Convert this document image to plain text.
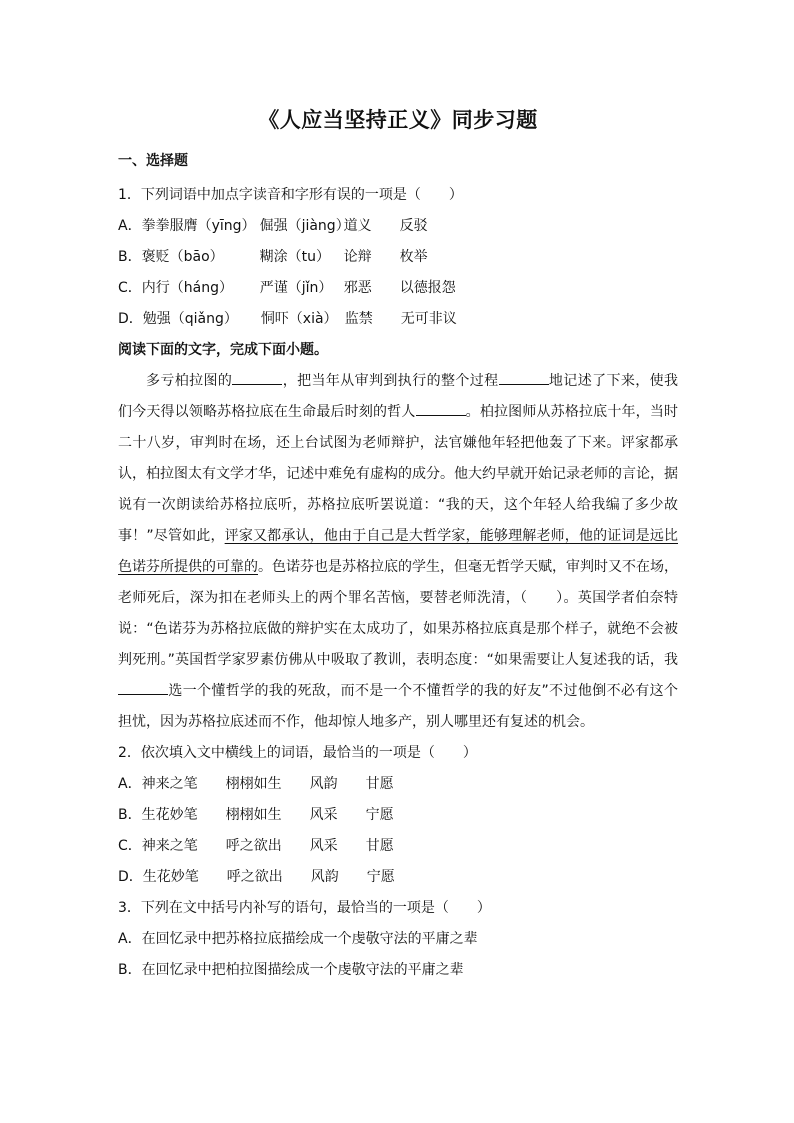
《人应当坚持正义》同步习题
一、选择题
1．下列词语中加点字读音和字形有误的一项是（　　）
A．拳拳服膺（yīng） 倔强（jiàng）道义 反驳
B．褒贬（bāo）	糊涂（tu） 论辩 枚举
C．内行（háng） 严谨（jǐn） 邪恶 以德报怨
D．勉强（qiǎng） 恫吓（xià） 监禁 无可非议
阅读下面的文字，完成下面小题。

多亏柏拉图的	，把当年从审判到执行的整个过程	地记述了下来，使我们今天得以领略苏格拉底在生命最后时刻的哲人	。柏拉图师从苏格拉底十年，当时二十八岁，审判时在场，还上台试图为老师辩护，法官嫌他年轻把他轰了下来。评家都承认，柏拉图太有文学才华，记述中难免有虚构的成分。他大约早就开始记录老师的言论，据说有一次朗读给苏格拉底听，苏格拉底听罢说道：“我的天，这个年轻人给我编了多少故事！”尽管如此，评家又都承认，他由于自己是大哲学家，能够理解老师，他的证词是远比色诺芬所提供的可靠的。色诺芬也是苏格拉底的学生，但毫无哲学天赋，审判时又不在场，老师死后，深为扣在老师头上的两个罪名苦恼，要替老师洗清，（　　）。英国学者伯奈特说：“色诺芬为苏格拉底做的辩护实在太成功了，如果苏格拉底真是那个样子，就绝不会被判死刑。”英国哲学家罗素仿佛从中吸取了教训，表明态度：“如果需要让人复述我的话，我选一个懂哲学的我的死敌，而不是一个不懂哲学的我的好友”不过他倒不必有这个担忧，因为苏格拉底述而不作，他却惊人地多产，别人哪里还有复述的机会。

2．依次填入文中横线上的词语，最恰当的一项是（　　）
A．神来之笔 栩栩如生 风韵 甘愿
B．生花妙笔 栩栩如生 风采 宁愿
C．神来之笔 呼之欲出 风采 甘愿
D．生花妙笔 呼之欲出 风韵 宁愿
3．下列在文中括号内补写的语句，最恰当的一项是（　　）
A．在回忆录中把苏格拉底描绘成一个虔敬守法的平庸之辈
B．在回忆录中把柏拉图描绘成一个虔敬守法的平庸之辈
